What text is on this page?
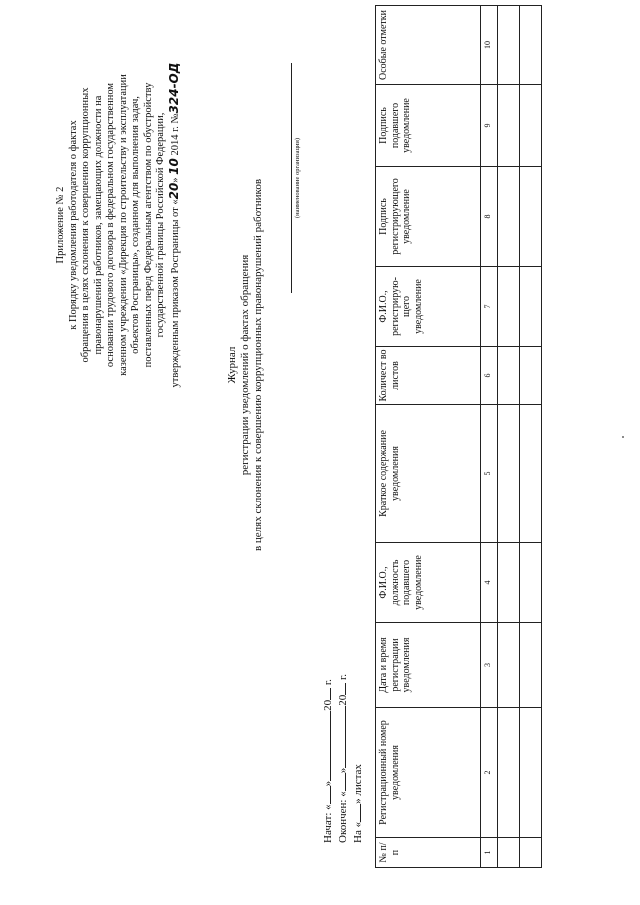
Приложение № 2 к Порядку уведомления работодателя о фактах обращения в целях склонения к совершению коррупционных правонарушений работников, замещающих должности на основании трудового договора в федеральном государственном казенном учреждении «Дирекция по строительству и эксплуатации объектов Росграницы», созданном для выполнения задач, поставленных перед Федеральным агентством по обустройству государственной границы Российской Федерации, утвержденным приказом Росграницы от «20» 10 2014 г. №324-ОД
Журнал регистрации уведомлений о фактах обращения в целях склонения к совершению коррупционных правонарушений работников
(наименование организации)
Начат: «»20 г.
Окончен: «»20 г.
На «» листах
№ п/п	Регистрационный номер уведомления	Дата и время регистрации уведомления	Ф.И.О., должность подавшего уведомление	Краткое содержание уведомления	Количест во листов	Ф.И.О., регистрирую-щего уведомление	Подпись регистрирующего уведомление	Подпись подавшего уведомление	Особые отметки
1	2	3	4	5	6	7	8	9	10
